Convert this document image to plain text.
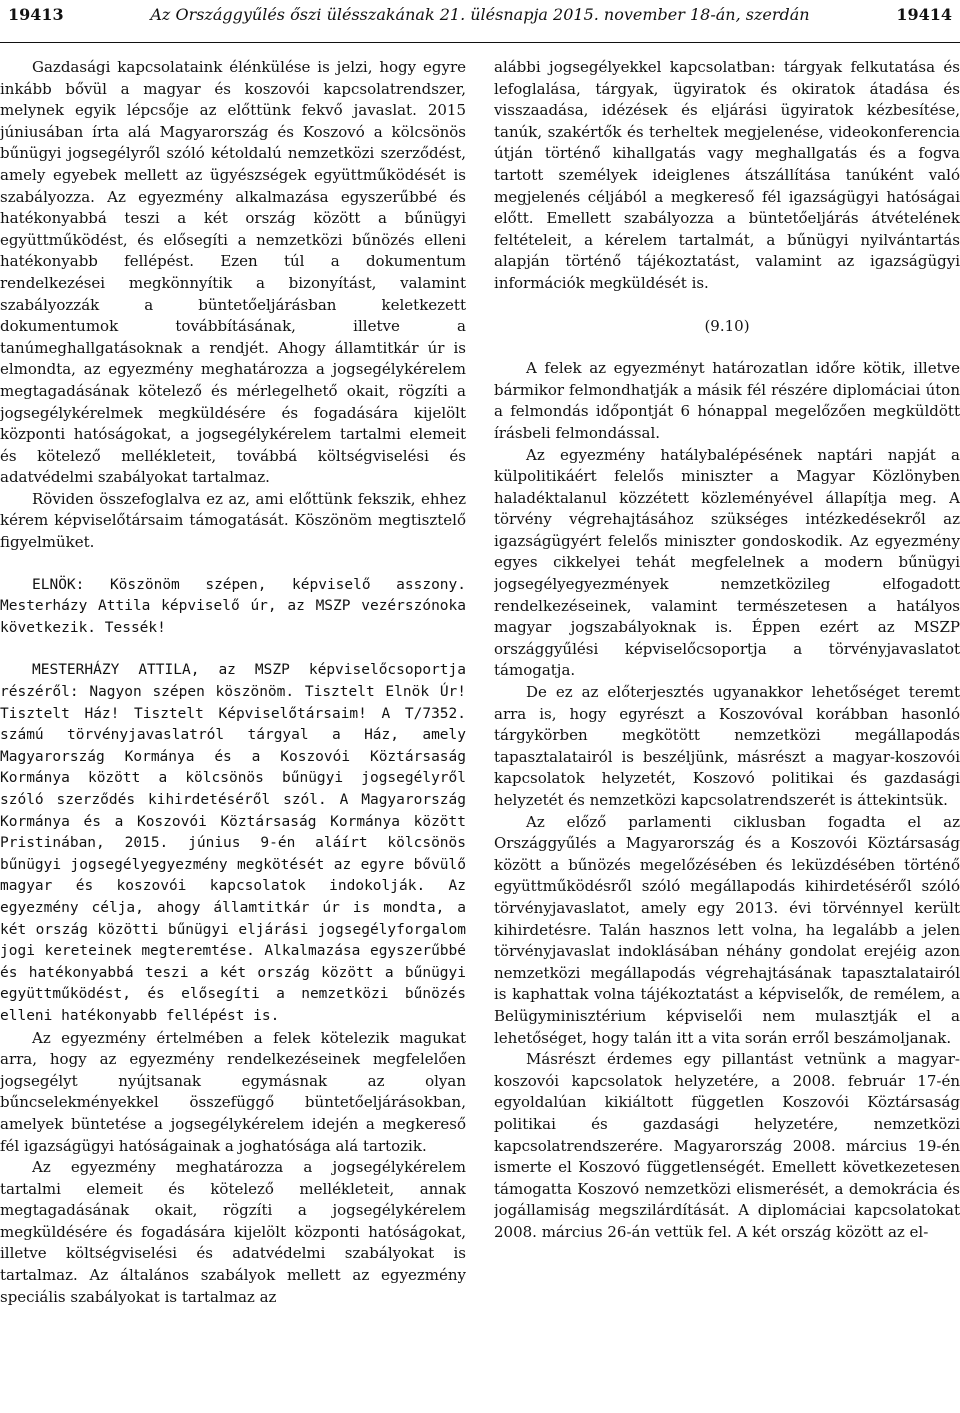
19413	Az Országgyűlés őszi ülésszakának 21. ülésnapja 2015. november 18-án, szerdán	19414

Gazdasági kapcsolataink élénkülése is jelzi, hogy egyre inkább bővül a magyar és koszovói kapcsolatrendszer, melynek egyik lépcsője az előttünk fekvő javaslat. 2015 júniusában írta alá Magyarország és Koszovó a kölcsönös bűnügyi jogsegélyről szóló kétoldalú nemzetközi szerződést, amely egyebek mellett az ügyészségek együttműködését is szabályozza. Az egyezmény alkalmazása egyszerűbbé és hatékonyabbá teszi a két ország között a bűnügyi együttműködést, és elősegíti a nemzetközi bűnözés elleni hatékonyabb fellépést. Ezen túl a dokumentum rendelkezései megkönnyítik a bizonyítást, valamint szabályozzák a büntetőeljárásban keletkezett dokumentumok továbbításának, illetve a tanúmeghallgatásoknak a rendjét. Ahogy államtitkár úr is elmondta, az egyezmény meghatározza a jogsegélykérelem megtagadásának kötelező és mérlegelhető okait, rögzíti a jogsegélykérelmek megküldésére és fogadására kijelölt központi hatóságokat, a jogsegélykérelem tartalmi elemeit és kötelező mellékleteit, továbbá költségviselési és adatvédelmi szabályokat tartalmaz.

Röviden összefoglalva ez az, ami előttünk fekszik, ehhez kérem képviselőtársaim támogatását. Köszönöm megtisztelő figyelmüket.

ELNÖK: Köszönöm szépen, képviselő asszony. Mesterházy Attila képviselő úr, az MSZP vezérszónoka következik. Tessék!

MESTERHÁZY ATTILA, az MSZP képviselőcsoportja részéről: Nagyon szépen köszönöm. Tisztelt Elnök Úr! Tisztelt Ház! Tisztelt Képviselőtársaim! A T/7352. számú törvényjavaslatról tárgyal a Ház, amely Magyarország Kormánya és a Koszovói Köztársaság Kormánya között a kölcsönös bűnügyi jogsegélyről szóló szerződés kihirdetéséről szól. A Magyarország Kormánya és a Koszovói Köztársaság Kormánya között Pristinában, 2015. június 9-én aláírt kölcsönös bűnügyi jogsegélyegyezmény megkötését az egyre bővülő magyar és koszovói kapcsolatok indokolják. Az egyezmény célja, ahogy államtitkár úr is mondta, a két ország közötti bűnügyi eljárási jogsegélyforgalom jogi kereteinek megteremtése. Alkalmazása egyszerűbbé és hatékonyabbá teszi a két ország között a bűnügyi együttműködést, és elősegíti a nemzetközi bűnözés elleni hatékonyabb fellépést is.

Az egyezmény értelmében a felek kötelezik magukat arra, hogy az egyezmény rendelkezéseinek megfelelően jogsegélyt nyújtsanak egymásnak az olyan bűncselekményekkel összefüggő büntetőeljárásokban, amelyek büntetése a jogsegélykérelem idején a megkereső fél igazságügyi hatóságainak a joghatósága alá tartozik.

Az egyezmény meghatározza a jogsegélykérelem tartalmi elemeit és kötelező mellékleteit, annak megtagadásának okait, rögzíti a jogsegélykérelem megküldésére és fogadására kijelölt központi hatóságokat, illetve költségviselési és adatvédelmi szabályokat is tartalmaz. Az általános szabályok mellett az egyezmény speciális szabályokat is tartalmaz az

alábbi jogsegélyekkel kapcsolatban: tárgyak felkutatása és lefoglalása, tárgyak, ügyiratok és okiratok átadása és visszaadása, idézések és eljárási ügyiratok kézbesítése, tanúk, szakértők és terheltek megjelenése, videokonferencia útján történő kihallgatás vagy meghallgatás és a fogva tartott személyek ideiglenes átszállítása tanúként való megjelenés céljából a megkereső fél igazságügyi hatóságai előtt. Emellett szabályozza a büntetőeljárás átvételének feltételeit, a kérelem tartalmát, a bűnügyi nyilvántartás alapján történő tájékoztatást, valamint az igazságügyi információk megküldését is.

(9.10)

A felek az egyezményt határozatlan időre kötik, illetve bármikor felmondhatják a másik fél részére diplomáciai úton a felmondás időpontját 6 hónappal megelőzően megküldött írásbeli felmondással.

Az egyezmény hatálybalépésének naptári napját a külpolitikáért felelős miniszter a Magyar Közlönyben haladéktalanul közzétett közleményével állapítja meg. A törvény végrehajtásához szükséges intézkedésekről az igazságügyért felelős miniszter gondoskodik. Az egyezmény egyes cikkelyei tehát megfelelnek a modern bűnügyi jogsegélyegyezmények nemzetközileg elfogadott rendelkezéseinek, valamint természetesen a hatályos magyar jogszabályoknak is. Éppen ezért az MSZP országgyűlési képviselőcsoportja a törvényjavaslatot támogatja.

De ez az előterjesztés ugyanakkor lehetőséget teremt arra is, hogy egyrészt a Koszovóval korábban hasonló tárgykörben megkötött nemzetközi megállapodás tapasztalatairól is beszéljünk, másrészt a magyar-koszovói kapcsolatok helyzetét, Koszovó politikai és gazdasági helyzetét és nemzetközi kapcsolatrendszerét is áttekintsük.

Az előző parlamenti ciklusban fogadta el az Országgyűlés a Magyarország és a Koszovói Köztársaság között a bűnözés megelőzésében és leküzdésében történő együttműködésről szóló megállapodás kihirdetéséről szóló törvényjavaslatot, amely egy 2013. évi törvénnyel került kihirdetésre. Talán hasznos lett volna, ha legalább a jelen törvényjavaslat indoklásában néhány gondolat erejéig azon nemzetközi megállapodás végrehajtásának tapasztalatairól is kaphattak volna tájékoztatást a képviselők, de remélem, a Belügyminisztérium képviselői nem mulasztják el a lehetőséget, hogy talán itt a vita során erről beszámoljanak.

Másrészt érdemes egy pillantást vetnünk a magyar-koszovói kapcsolatok helyzetére, a 2008. február 17-én egyoldalúan kikiáltott független Koszovói Köztársaság politikai és gazdasági helyzetére, nemzetközi kapcsolatrendszerére. Magyarország 2008. március 19-én ismerte el Koszovó függetlenségét. Emellett következetesen támogatta Koszovó nemzetközi elismerését, a demokrácia és jogállamiság megszilárdítását. A diplomáciai kapcsolatokat 2008. március 26-án vettük fel. A két ország között az el-
